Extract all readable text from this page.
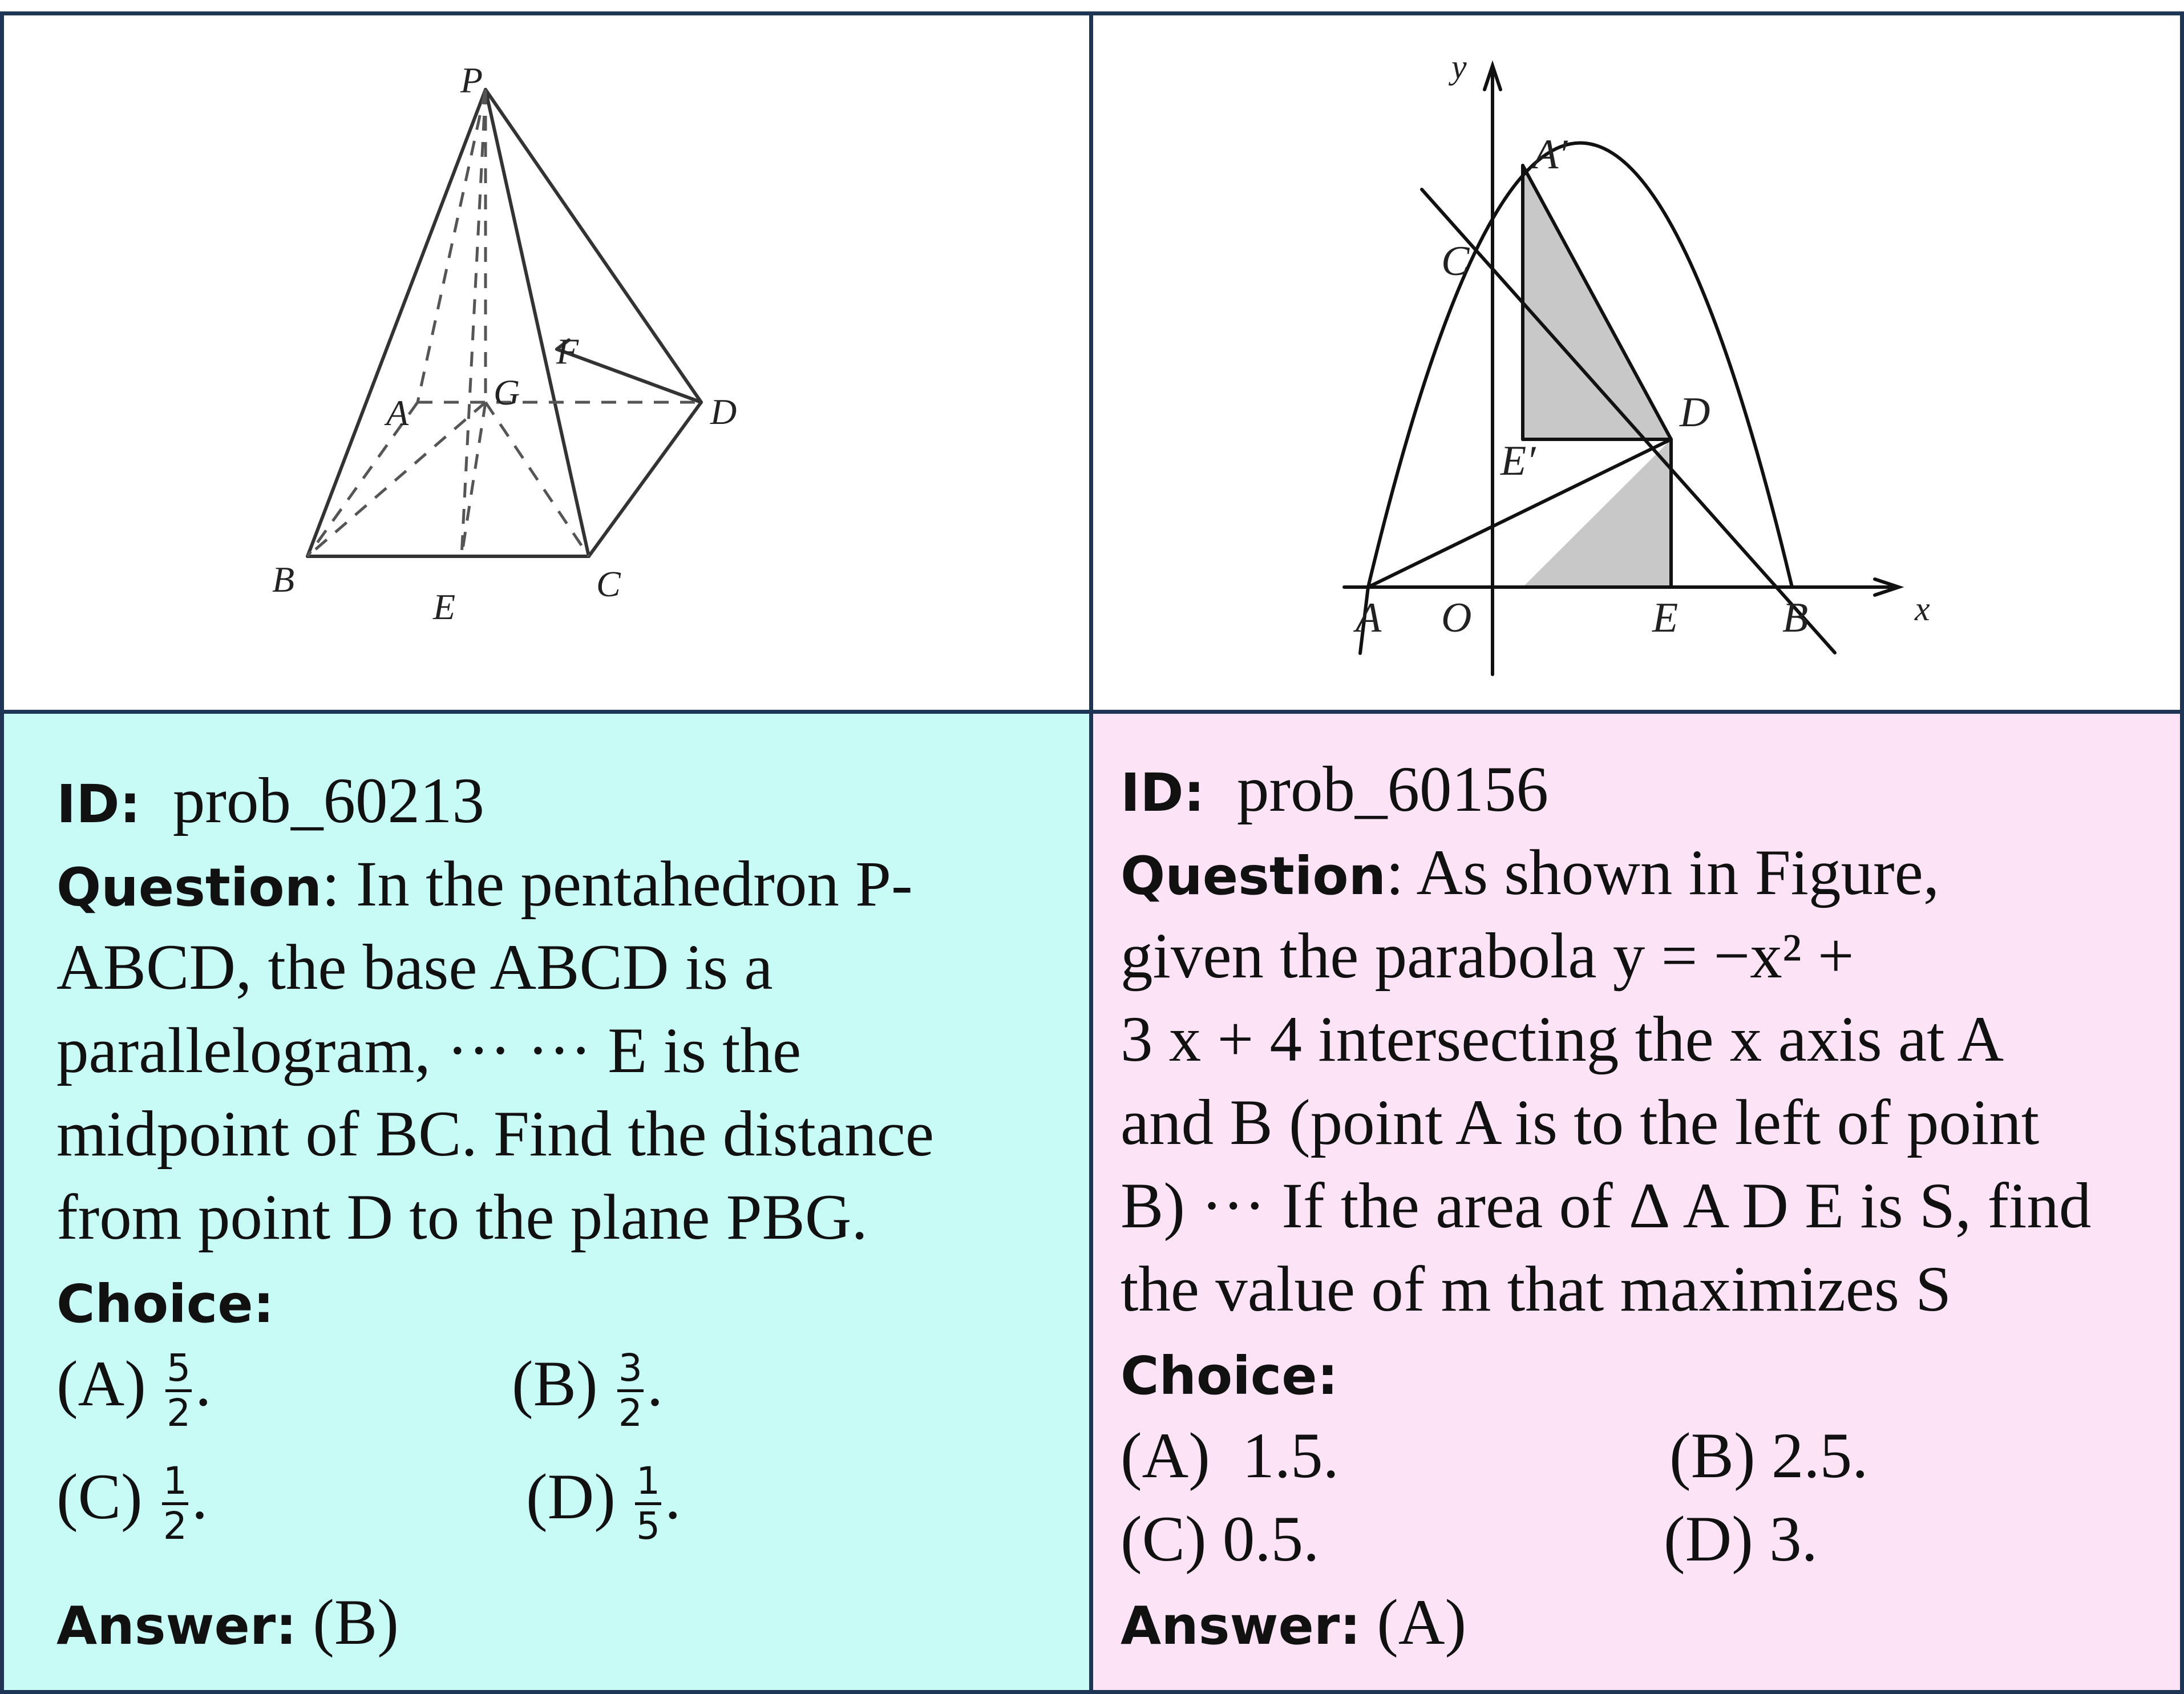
P
A
G
F
D
B
E
C
y
x
A′
C
D
E′
A O	E B
ID: prob_60213
Question: In the pentahedron P-
ABCD, the base ABCD is a
parallelogram, ··· ··· E is the
midpoint of BC. Find the distance
from point D to the plane PBG.
Choice:
(A) 5
2 .	(B) 3
2 .
(C) 1
2 .	(D) 1
5 .
Answer: (B)
ID: prob_60156
Question: As shown in Figure,
given the parabola y = −x² +
3 x + 4 intersecting the x axis at A
and B (point A is to the left of point
B) ··· If the area of Δ A D E is S, find
the value of m that maximizes S
Choice:
(A) 1.5.	(B) 2.5.
(C) 0.5.	(D) 3.
Answer: (A)
